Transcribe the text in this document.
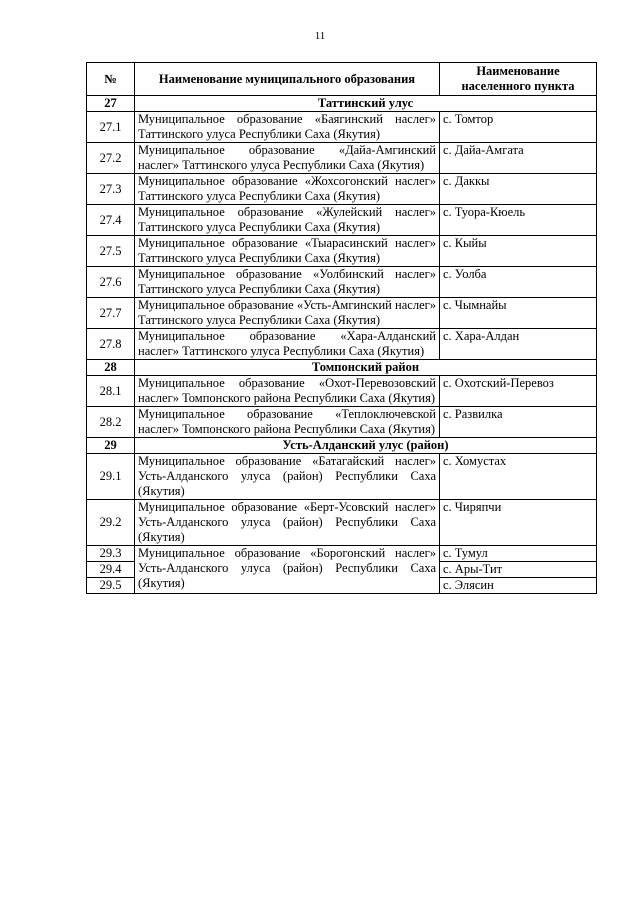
11
№	Наименование муниципального образования	Наименование населенного пункта
27	Таттинский улус	
27.1	Муниципальное образование «Баягинский наслег» Таттинского улуса Республики Саха (Якутия)	с. Томтор
27.2	Муниципальное образование «Дайа-Амгинский наслег» Таттинского улуса Республики Саха (Якутия)	с. Дайа-Амгата
27.3	Муниципальное образование «Жохсогонский наслег» Таттинского улуса Республики Саха (Якутия)	с. Даккы
27.4	Муниципальное образование «Жулейский наслег» Таттинского улуса Республики Саха (Якутия)	с. Туора-Кюель
27.5	Муниципальное образование «Тыарасинский наслег» Таттинского улуса Республики Саха (Якутия)	с. Кыйы
27.6	Муниципальное образование «Уолбинский наслег» Таттинского улуса Республики Саха (Якутия)	с. Уолба
27.7	Муниципальное образование «Усть-Амгинский наслег» Таттинского улуса Республики Саха (Якутия)	с. Чымнайы
27.8	Муниципальное образование «Хара-Алданский наслег» Таттинского улуса Республики Саха (Якутия)	с. Хара-Алдан
28	Томпонский район	
28.1	Муниципальное образование «Охот-Перевозовский наслег» Томпонского района Республики Саха (Якутия)	с. Охотский-Перевоз
28.2	Муниципальное образование «Теплоключевской наслег» Томпонского района Республики Саха (Якутия)	с. Развилка
29	Усть-Алданский улус (район)	
29.1	Муниципальное образование «Батагайский наслег» Усть-Алданского улуса (район) Республики Саха (Якутия)	с. Хомустах
29.2	Муниципальное образование «Берт-Усовский наслег» Усть-Алданского улуса (район) Республики Саха (Якутия)	с. Чиряпчи
29.3	Муниципальное образование «Борогонский наслег» Усть-Алданского улуса (район) Республики Саха (Якутия)	с. Тумул
29.4		с. Ары-Тит
29.5		с. Элясин
